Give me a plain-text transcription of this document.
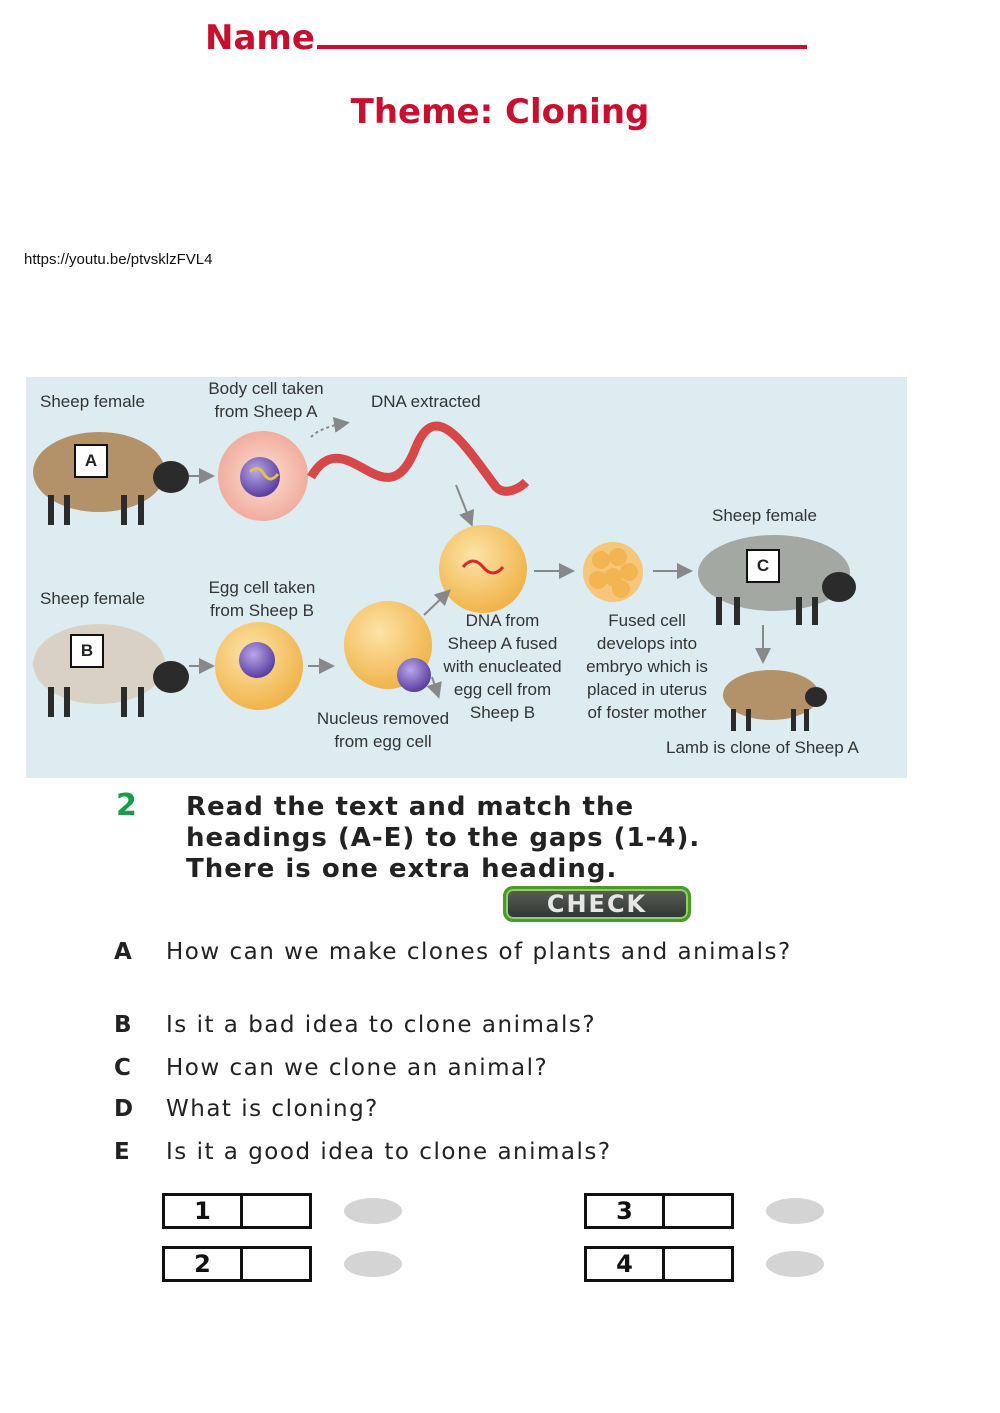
Name
Theme: Cloning
https://youtu.be/ptvsklzFVL4
Sheep female
A
Body cell taken
from Sheep A
DNA extracted
Sheep female
B
Egg cell taken
from Sheep B
Nucleus removed
from egg cell
DNA from
Sheep A fused
with enucleated
egg cell from
Sheep B
Fused cell
develops into
embryo which is
placed in uterus
of foster mother
Sheep female
C
Lamb is clone of Sheep A
2 Read the text and match the headings (A-E) to the gaps (1-4). There is one extra heading.
CHECK
A How can we make clones of plants and animals?
B Is it a bad idea to clone animals?
C How can we clone an animal?
D What is cloning?
E Is it a good idea to clone animals?
1
2
3
4
